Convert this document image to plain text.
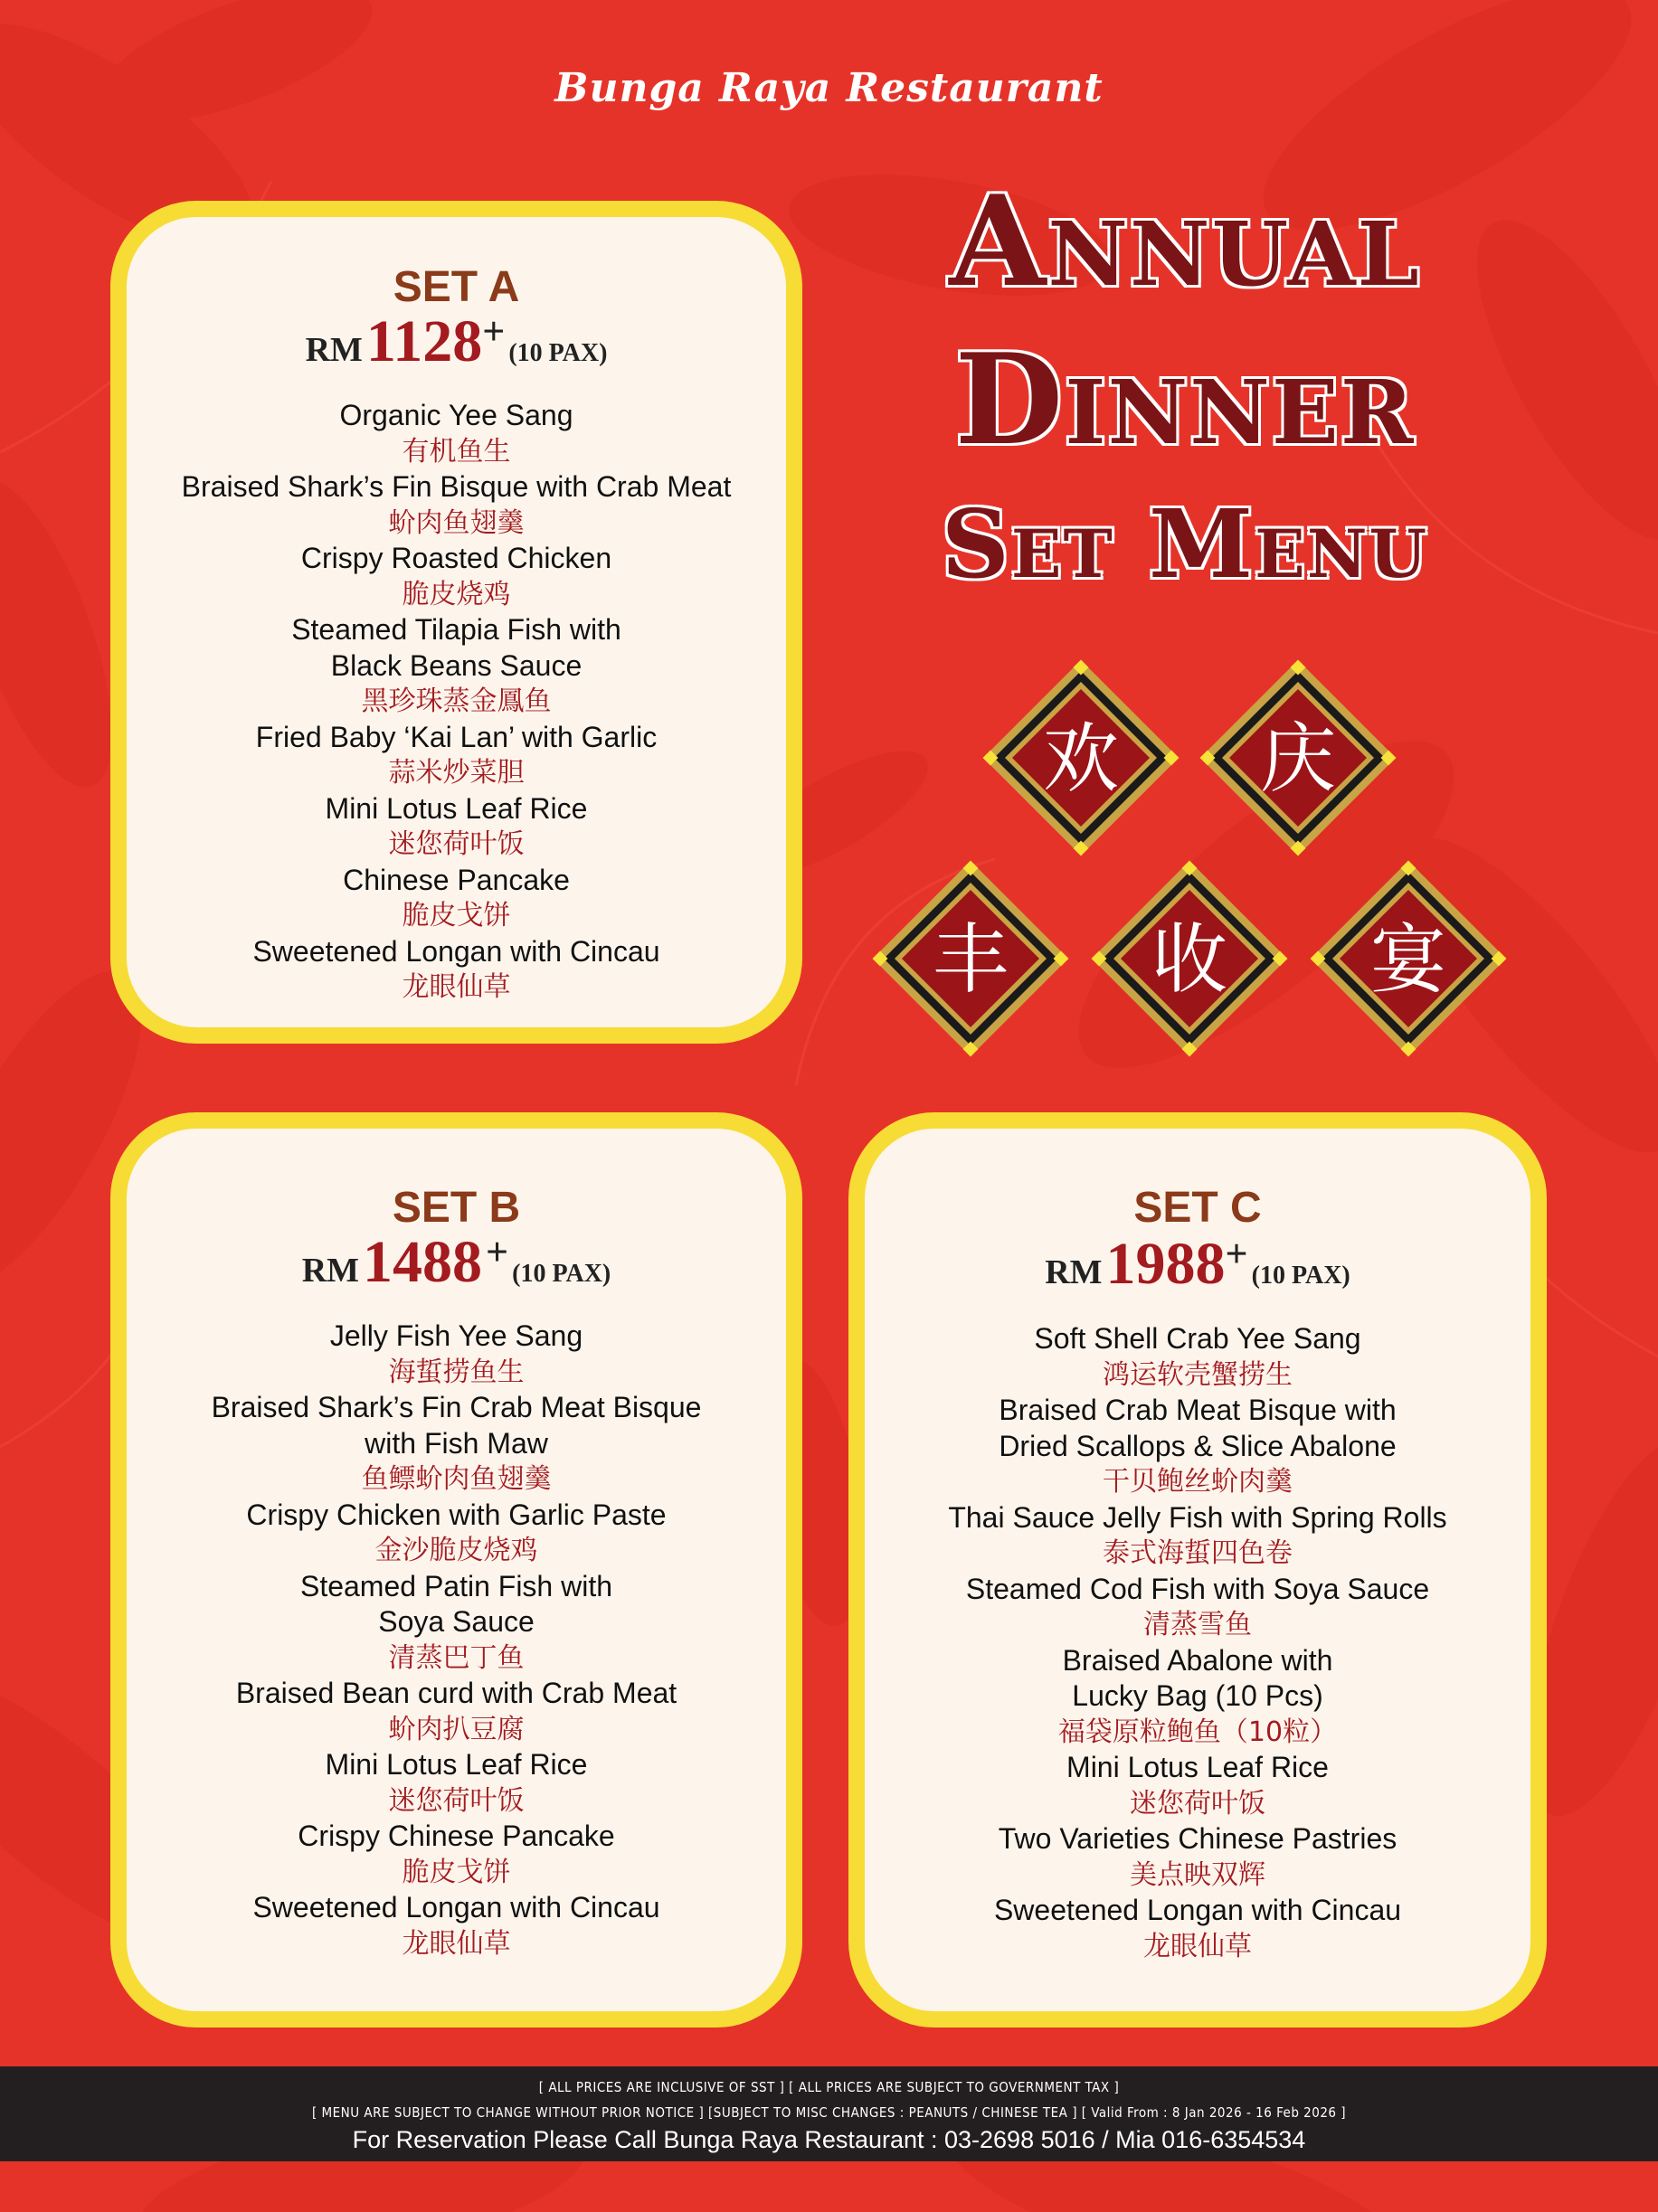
Bunga Raya Restaurant
Annual
Dinner
Set Menu
欢 庆
丰 收 宴
SET A
RM 1128+ (10 PAX)
Organic Yee Sang
有机鱼生
Braised Shark’s Fin Bisque with Crab Meat
蚧肉鱼翅羹
Crispy Roasted Chicken
脆皮烧鸡
Steamed Tilapia Fish with
Black Beans Sauce
黑珍珠蒸金鳳鱼
Fried Baby ‘Kai Lan’ with Garlic
蒜米炒菜胆
Mini Lotus Leaf Rice
迷您荷叶饭
Chinese Pancake
脆皮戈饼
Sweetened Longan with Cincau
龙眼仙草
SET B
RM 1488 + (10 PAX)
Jelly Fish Yee Sang
海蜇捞鱼生
Braised Shark’s Fin Crab Meat Bisque
with Fish Maw
鱼鳔蚧肉鱼翅羹
Crispy Chicken with Garlic Paste
金沙脆皮烧鸡
Steamed Patin Fish with
Soya Sauce
清蒸巴丁鱼
Braised Bean curd with Crab Meat
蚧肉扒豆腐
Mini Lotus Leaf Rice
迷您荷叶饭
Crispy Chinese Pancake
脆皮戈饼
Sweetened Longan with Cincau
龙眼仙草
SET C
RM 1988+ (10 PAX)
Soft Shell Crab Yee Sang
鸿运软壳蟹捞生
Braised Crab Meat Bisque with
Dried Scallops & Slice Abalone
干贝鲍丝蚧肉羹
Thai Sauce Jelly Fish with Spring Rolls
泰式海蜇四色卷
Steamed Cod Fish with Soya Sauce
清蒸雪鱼
Braised Abalone with
Lucky Bag (10 Pcs)
福袋原粒鲍鱼（10粒）
Mini Lotus Leaf Rice
迷您荷叶饭
Two Varieties Chinese Pastries
美点映双辉
Sweetened Longan with Cincau
龙眼仙草
[ ALL PRICES ARE INCLUSIVE OF SST ] [ ALL PRICES ARE SUBJECT TO GOVERNMENT TAX ]
[ MENU ARE SUBJECT TO CHANGE WITHOUT PRIOR NOTICE ] [SUBJECT TO MISC CHANGES : PEANUTS / CHINESE TEA ] [ Valid From : 8 Jan 2026 - 16 Feb 2026 ]
For Reservation Please Call Bunga Raya Restaurant : 03-2698 5016 / Mia 016-6354534
